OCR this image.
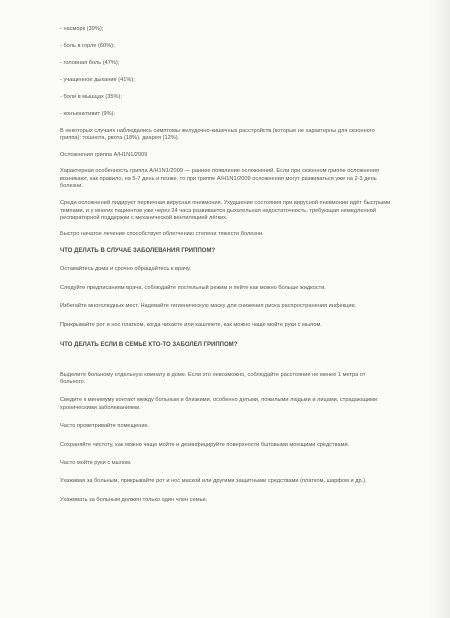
- насморк (39%);

- боль в горле (60%);

- головная боль (47%);

- учащенное дыхание (41%);

- боли в мышцах (35%);

- конъюнктивит (9%).

В некоторых случаях наблюдались симптомы желудочно-кишечных расстройств (которые не характерны для сезонного гриппа): тошнота, рвота (18%), диарея (12%).

Осложнения гриппа A/H1N1/2009

Характерная особенность гриппа A/H1N1/2009 — раннее появление осложнений. Если при сезонном гриппе осложнения возникают, как правило, на 5-7 день и позже, то при гриппе A/H1N1/2009 осложнения могут развиваться уже на 2-3 день болезни.

Среди осложнений лидирует первичная вирусная пневмония. Ухудшение состояния при вирусной пневмонии идёт быстрыми темпами, и у многих пациентов уже через 24 часа развивается дыхательная недостаточность, требующая немедленной респираторной поддержки с механической вентиляцией лёгких.

Быстро начатое лечение способствует облегчению степени тяжести болезни.

ЧТО ДЕЛАТЬ В СЛУЧАЕ ЗАБОЛЕВАНИЯ ГРИППОМ?

Оставайтесь дома и срочно обращайтесь к врачу.

Следуйте предписаниям врача, соблюдайте постельный режим и пейте как можно больше жидкости.

Избегайте многолюдных мест. Надевайте гигиеническую маску для снижения риска распространения инфекции.

Прикрывайте рот и нос платком, когда чихаете или кашляете, как можно чаще мойте руки с мылом.

ЧТО ДЕЛАТЬ ЕСЛИ В СЕМЬЕ КТО-ТО ЗАБОЛЕЛ ГРИППОМ?

Выделите больному отдельную комнату в доме. Если это невозможно, соблюдайте расстояние не менее 1 метра от больного.

Сведите к минимуму контакт между больным и близкими, особенно детьми, пожилыми людьми и лицами, страдающими хроническими заболеваниями.

Часто проветривайте помещение.

Сохраняйте чистоту, как можно чаще мойте и дезинфицируйте поверхности бытовыми моющими средствами.

Часто мойте руки с мылом.

Ухаживая за больным, прикрывайте рот и нос маской или другими защитными средствами (платком, шарфом и др.).

Ухаживать за больным должен только один член семьи.
